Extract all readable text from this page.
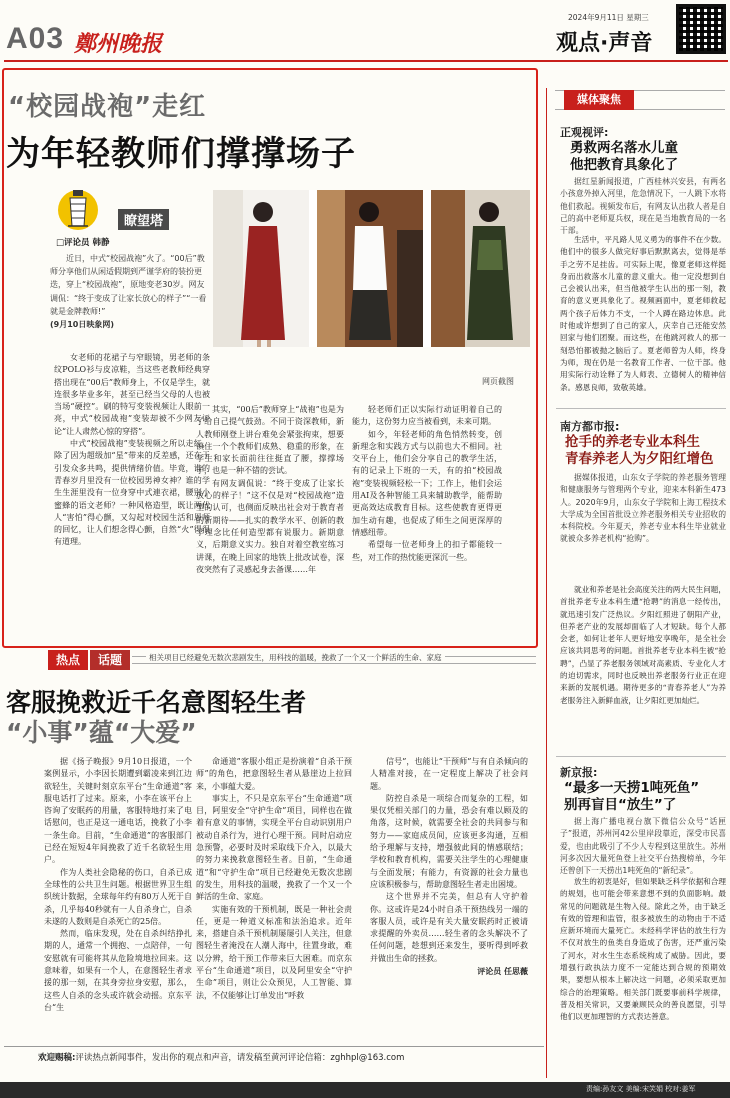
A03 鄭州晚报
2024年9月11日 星期三
观点·声音
“校园战袍”走红
为年轻教师们撑撑场子
瞭望塔
□评论员 韩静
近日，中式“校园战袍”火了。“00后”教师分享他们从闲适假期到严谨学府的装扮更迭，穿上“校园战袍”，原地变老30岁。网友调侃：“终于变成了让家长放心的样子”“一看就是金牌教师!”
(9月10日映象网)
网页截图

女老师的花裙子与窄眼镜，男老师的条纹POLO衫与皮凉鞋，当这些老教师经典穿搭出现在“00后”教师身上，不仅是学生，就连很多毕业多年，甚至已经当父母的人也被当场“硬控”。刷的特写变装视频让人眼前一亮，中式“校园战袍”变装却被不少网友评论“让人肃然心惊的穿搭”。

中式“校园战袍”变装视频之所以走红，除了因为超级加“星”带来的反差感，还在于引发众多共鸣，提供情绪价值。毕竟，谁的青春岁月里没有一位校园男神女神？谁的学生生涯里没有一位身穿中式連衣裙，腰别小蜜蜂的语文老师？一种风格造型，既让两代人“害怕”得心颤，又勾起对校园生活和恩师的回忆，让人们想念得心颤，自然“火”得很有道理。

其实，“00后”教师穿上“战袍”也是为了给自己提气鼓劲。不同于资深教师，新人教师刚登上讲台难免会紧张拘束，想要镇住一个个教师们成熟、稳重的形象，在学生和家长面前往往挺直了腰，撑撑场子，也是一种不错的尝试。

有网友调侃说：“终于变成了让家长放心的样子！”这不仅是对“校园战袍”造型的认可，也侧面反映出社会对于教育者的新期待——扎实的教学水平、创新的教学理念比任何造型都有说服力。新期意义，后期意义实力。独自对着空教室练习讲课，在晚上回家的地铁上批改试卷，深夜突然有了灵感起身去备课……年

轻老师们正以实际行动证明着自己的能力，这份努力应当被看到，未来可期。

如今，年轻老师的角色悄然转变，创新理念和实践方式与以前也大不相同。社交平台上，他们会分享自己的教学生活，有的记录上下班的一天，有的拍“校园战袍”变装视频轻松一下；工作上，他们会运用AI及各种智能工具来辅助教学，能帮助更高效达成教育目标。这些使教育更得更加生动有趣，也促成了师生之间更深厚的情感纽带。

希望每一位老师身上的扣子都能较一些，对工作的热忱能更深沉一些。

热点	话题	相关项目已经避免无数次悲剧发生，用科技的温暖，挽救了一个又一个鲜活的生命、家庭
客服挽救近千名意图轻生者
“小事”蕴“大爱”

据《扬子晚报》9月10日报道，一个案例显示，小李因长期遭到霸凌来到江边欲轻生，关键时刻京东平台“生命通道”客服电话打了过来。原来，小李在该平台上咨询了安眠药的用量，客服特地打来了电话慰问，也正是这一通电话，挽救了小李一条生命。目前，“生命通道”的客服部门已经在短短4年间挽救了近千名欲轻生用户。

作为人类社会隐秘的伤口，自杀已成全球性的公共卫生问题。根据世界卫生组织统计数据，全球每年约有80万人死于自杀，几乎每40秒就有一人自杀身亡，自杀未遂的人数则是自杀死亡的25倍。

然而，临床发现，处在自杀纠结挣扎期的人，通常一个拥抱、一点陪伴，一句安慰就有可能将其从危险境地拉回来。这意味着，如果有一个人，在意图轻生者求援的那一刻，在其身旁拉身安慰，那么，这些人自杀的念头或许就会动摇。京东平台“生

命通道”客服小组正是扮演着“自杀干预师”的角色，把意图轻生者从悬崖边上拉回来，小事蕴大爱。

事实上，不只是京东平台“生命通道”项目，阿里安全“守护生命”项目，同样也在做着有意义的事情，实现全平台自动识别用户被动自杀行为，进行心理干预。同时启动应急预警，必要时及时采取线下介入，以最大的努力来挽救意图轻生者。目前，“生命通道”和“守护生命”项目已经避免无数次悲剧的发生，用科技的温暖，挽救了一个又一个鲜活的生命、家庭。

实施有效的干预机制，既是一种社会责任，更是一种道义标准和法治追求。近年来，搭建自杀干预机制屡屡引人关注，但意图轻生者淹没在人潮人海中，往置身敢，难以分辨，给干预工作带来巨大困难。而京东平台“生命通道”项目，以及阿里安全“守护生命”项目，则让公众预见，人工智能、算法，不仅能够让订单发出“呼救

信号”，也能让“干预师”与有自杀倾向的人精准对接，在一定程度上解决了社会问题。

防控自杀是一项综合而复杂的工程，如果仅凭相关部门的力量，恐会有难以顾及的角落，这时候，就需要全社会的共同参与和努力——家庭成员间，应该更多沟通，互相给予理解与支持，增强彼此间的情感联结；学校和教育机构，需要关注学生的心理健康与全面发展；有能力，有资源的社会力量也应该积极参与，帮助意图轻生者走出困境。

这个世界并不完美，但总有人守护着你。这或许是24小时自杀干预热线另一端的客服人员，或许是有关大量安眠药时正被请求提醒的外卖员……轻生者的念头解决不了任何问题，趁想到还来发生，要听得到呼救并做出生命的拯救。

评论员 任思薇

欢迎赐稿:评读热点新闻事件，发出你的观点和声音，请发稿至黄河评论信箱：zghhpl@163.com
责编:孙友文 美编:宋笑娟 校对:姜军
媒体聚焦
正观视评:
勇救两名落水儿童
他把教育具象化了
据红星新闻报道，广西桂林兴安县，有两名小孩意外掉入河里，危急情况下，一人跳下水将他们救起。视频发布后，有网友认出救人者是自己的高中老师夏兵权，现在是当地教育局的一名干部。
生活中，平凡路人见义勇为的事件不在少数。他们中的很多人做完好事后默默离去，觉得是举手之劳不足挂齿。可实际上呢，像夏老师这样挺身而出救落水儿童的意义重大。他一定没想到自己会被认出来，但当他被学生认出的那一刻，教育的意义更具象化了。视频画面中，夏老师救起两个孩子后体力不支，一个人蹲在路边休息。此时他或许想到了自己的家人，庆幸自己还能安然回家与他们团聚。而这些，在他跳河救人的那一刻恐怕都被抛之脑后了。夏老师曾为人师，终身为师，现在仍是一名教育工作者、一位干部。他用实际行动诠释了为人师表、立德树人的精神信条。感恩良师，致敬英雄。
南方都市报:
抢手的养老专业本科生
青春养老人为夕阳红增色
据媒体报道，山东女子学院的养老服务管理和健康服务与管理两个专业，迎来本科新生473人。2020年9月，山东女子学院和上海工程技术大学成为全国首批设立养老服务相关专业招收的本科院校。今年夏天，养老专业本科生毕业就业就被众多养老机构“抢购”。
就业和养老是社会高度关注的两大民生问题，首批养老专业本科生遭“抢聘”的消息一经传出，就迅速引发广泛热议。夕阳红照进了朝阳产业，但养老产业的发展却面临了人才短缺。每个人都会老，如何让老年人更好地安享晚年，是全社会应该共同思考的问题。首批养老专业本科生被“抢聘”，凸显了养老服务领域对高素质、专业化人才的迫切需求，同时也反映出养老服务行业正在迎来新的发展机遇。期待更多的“青春养老人”为养老服务注入新鲜血液，让夕阳红更加灿烂。
新京报:
“最多一天捞1吨死鱼”
别再盲目“放生”了
据上海广播电视台旗下微信公众号“话匣子”报道，苏州河42公里岸段靠近，深受市民喜爱，也由此吸引了不少人专程到这里放生。苏州河多次因大量死鱼登上社交平台热搜榜单，今年还曾创下一天捞出1吨死鱼的“新纪录”。
放生的初衷是好，但如果缺乏科学依据和合理的规划，也可能会带来意想不到的负面影响。最常见的问题就是生物入侵。除此之外，由于缺乏有效的管理和监管，很多被放生的动物由于不适应新环境而大量死亡。未经科学评估的放生行为不仅对放生的鱼类自身造成了伤害，还严重污染了河水，对水生生态系统构成了威胁。因此，要增强行政执法力度不一定能达到合规的预期效果，要想从根本上解决这一问题，必须采取更加综合的治理策略。相关部门既要事前科学规律，普及相关常识，又要兼顾民众的善良愿望，引导他们以更加理智的方式表达善意。
